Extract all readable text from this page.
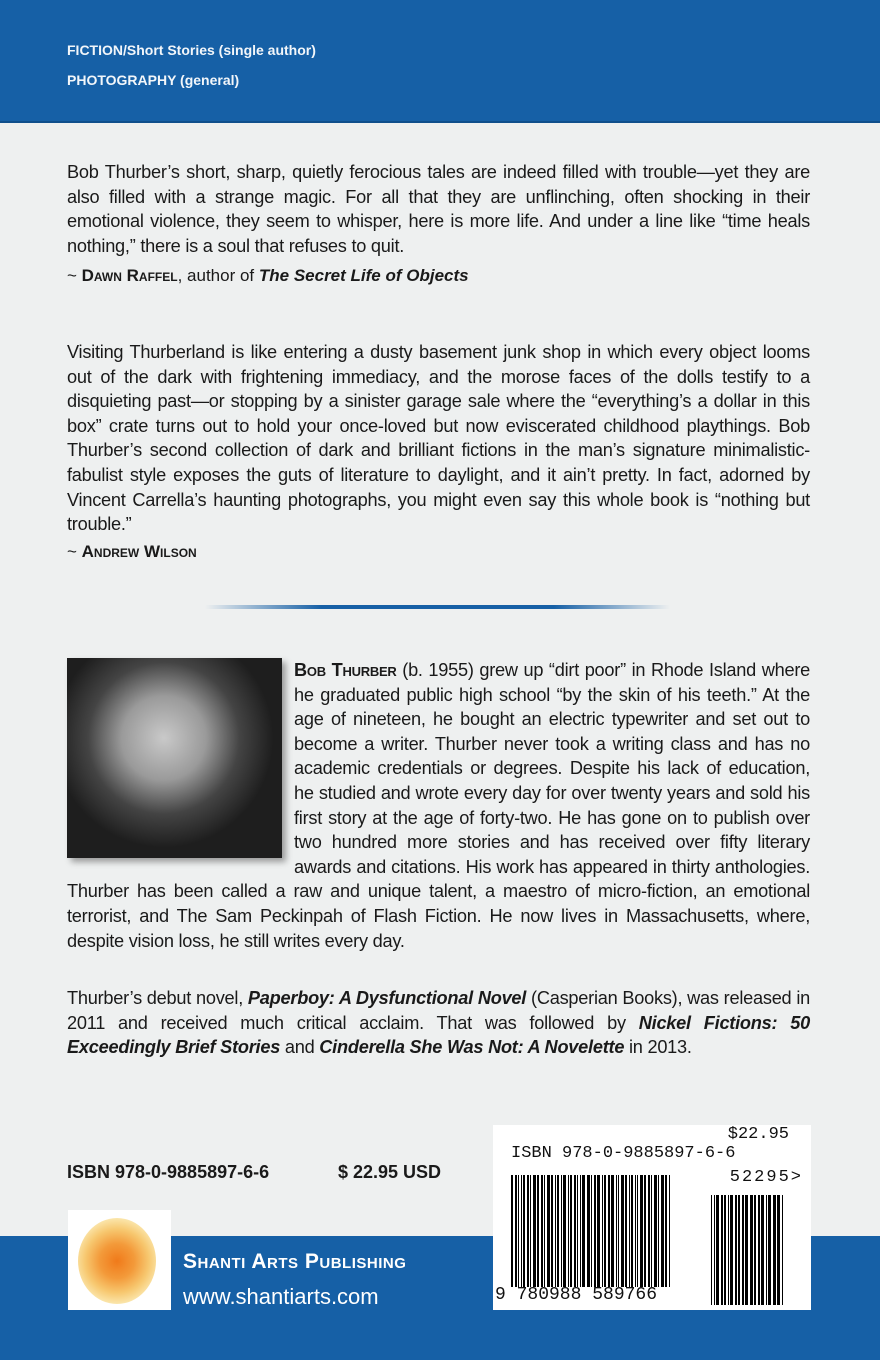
FICTION/Short Stories (single author)
PHOTOGRAPHY (general)
Bob Thurber’s short, sharp, quietly ferocious tales are indeed filled with trouble—yet they are also filled with a strange magic. For all that they are unflinching, often shocking in their emotional violence, they seem to whisper, here is more life. And under a line like “time heals nothing,” there is a soul that refuses to quit.
~ Dawn Raffel, author of The Secret Life of Objects
Visiting Thurberland is like entering a dusty basement junk shop in which every object looms out of the dark with frightening immediacy, and the morose faces of the dolls testify to a disquieting past—or stopping by a sinister garage sale where the “everything’s a dollar in this box” crate turns out to hold your once-loved but now eviscerated childhood playthings. Bob Thurber’s second collection of dark and brilliant fictions in the man’s signature minimalistic-fabulist style exposes the guts of literature to daylight, and it ain’t pretty. In fact, adorned by Vincent Carrella’s haunting photographs, you might even say this whole book is “nothing but trouble.”
~ Andrew Wilson
Bob Thurber (b. 1955) grew up “dirt poor” in Rhode Island where he graduated public high school “by the skin of his teeth.” At the age of nineteen, he bought an electric typewriter and set out to become a writer. Thurber never took a writing class and has no academic credentials or degrees. Despite his lack of education, he studied and wrote every day for over twenty years and sold his first story at the age of forty-two. He has gone on to publish over two hundred more stories and has received over fifty literary awards and citations. His work has appeared in thirty anthologies. Thurber has been called a raw and unique talent, a maestro of micro-fiction, an emotional terrorist, and The Sam Peckinpah of Flash Fiction. He now lives in Massachusetts, where, despite vision loss, he still writes every day.
Thurber’s debut novel, Paperboy: A Dysfunctional Novel (Casperian Books), was released in 2011 and received much critical acclaim. That was followed by Nickel Fictions: 50 Exceedingly Brief Stories and Cinderella She Was Not: A Novelette in 2013.
ISBN 978-0-9885897-6-6	$ 22.95 USD
Shanti Arts Publishing
www.shantiarts.com
$22.95
ISBN 978-0-9885897-6-6
52295>
9 780988 589766
